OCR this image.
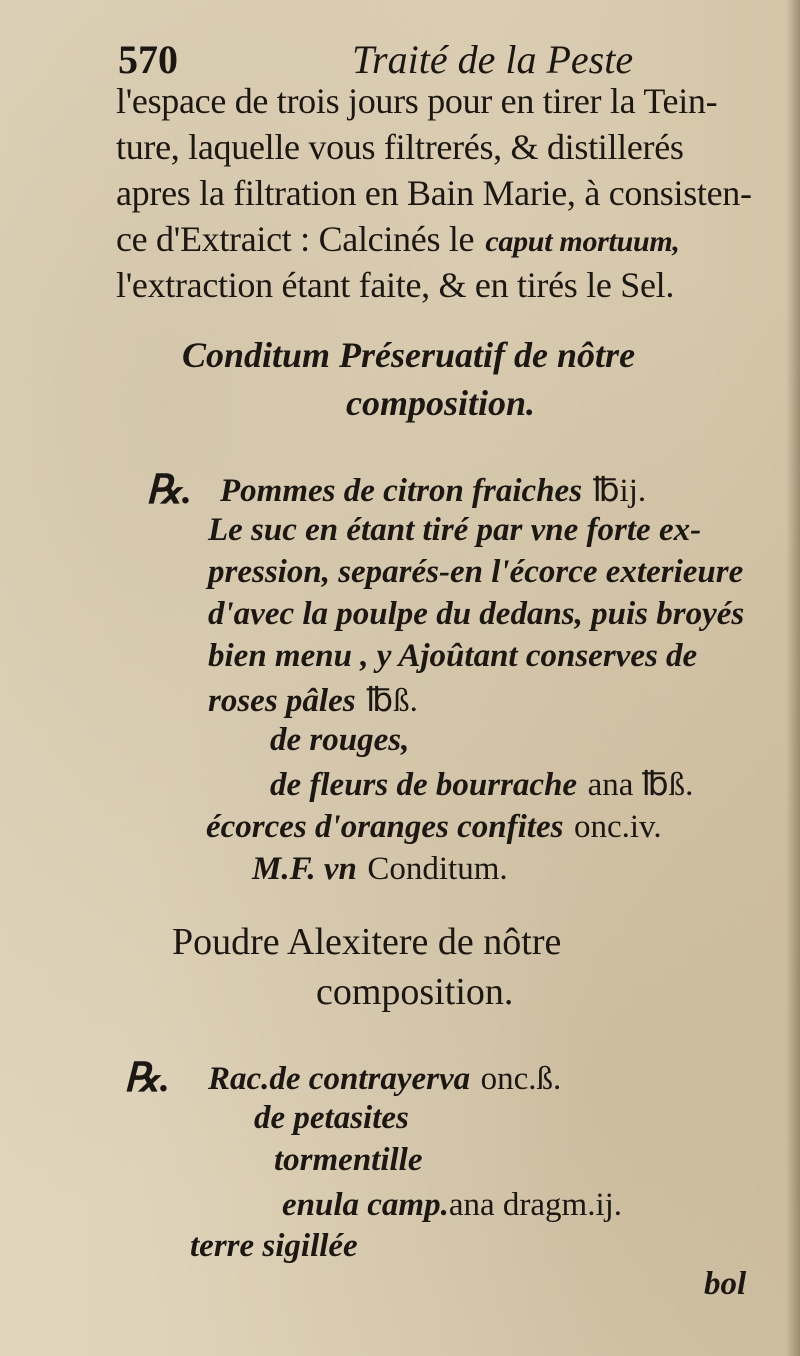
570	Traité de la Peste
l'espace de trois jours pour en tirer la Tein-
ture, laquelle vous filtrerés, & distillerés
apres la filtration en Bain Marie, à consisten-
ce d'Extraict : Calcinés le caput mortuum,
l'extraction étant faite, & en tirés le Sel.
Conditum Préseruatif de nôtre
composition.
℞. Pommes de citron fraiches ℔ij.
Le suc en étant tiré par vne forte ex-
pression, separés-en l'écorce exterieure
d'avec la poulpe du dedans, puis broyés
bien menu , y Ajoûtant conserves de
roses pâles ℔ß.
de rouges,
de fleurs de bourrache ana ℔ß.
écorces d'oranges confites onc.iv.
M.F. vn Conditum.
Poudre Alexitere de nôtre
composition.
℞. Rac.de contrayerva onc.ß.
de petasites
tormentille
enula camp.ana dragm.ij.
terre sigillée
bol
